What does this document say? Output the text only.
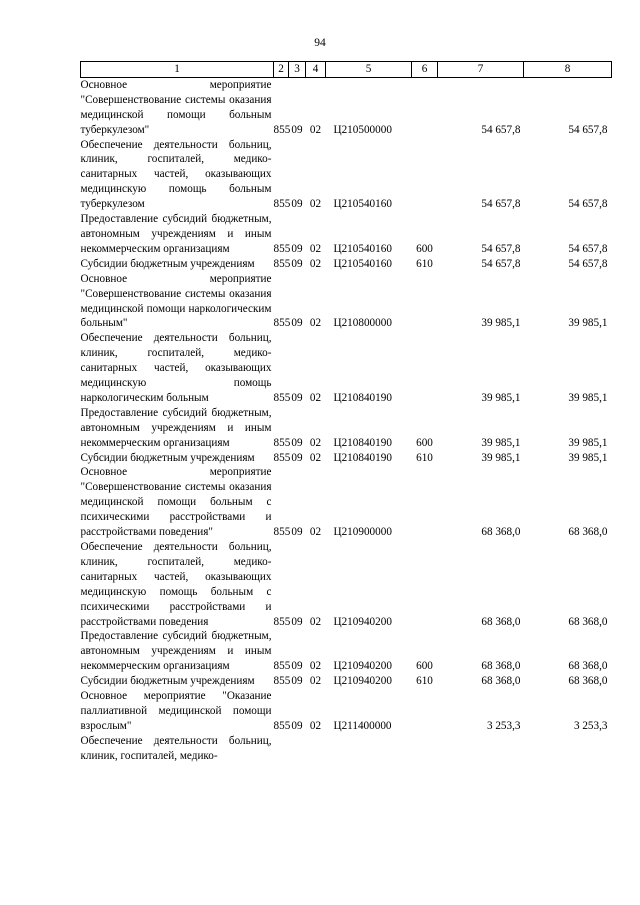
94
1	2	3	4	5	6	7	8
Основное мероприятие "Совершенствование системы оказания медицинской помощи больным туберкулезом"	855	09	02	Ц210500000		54 657,8	54 657,8
Обеспечение деятельности больниц, клиник, госпиталей, медико-санитарных частей, оказывающих медицинскую помощь больным туберкулезом	855	09	02	Ц210540160		54 657,8	54 657,8
Предоставление субсидий бюджетным, автономным учреждениям и иным некоммерческим организациям	855	09	02	Ц210540160	600	54 657,8	54 657,8
Субсидии бюджетным учреждениям	855	09	02	Ц210540160	610	54 657,8	54 657,8
Основное мероприятие "Совершенствование системы оказания медицинской помощи наркологическим больным"	855	09	02	Ц210800000		39 985,1	39 985,1
Обеспечение деятельности больниц, клиник, госпиталей, медико-санитарных частей, оказывающих медицинскую помощь наркологическим больным	855	09	02	Ц210840190		39 985,1	39 985,1
Предоставление субсидий бюджетным, автономным учреждениям и иным некоммерческим организациям	855	09	02	Ц210840190	600	39 985,1	39 985,1
Субсидии бюджетным учреждениям	855	09	02	Ц210840190	610	39 985,1	39 985,1
Основное мероприятие "Совершенствование системы оказания медицинской помощи больным с психическими расстройствами и расстройствами поведения"	855	09	02	Ц210900000		68 368,0	68 368,0
Обеспечение деятельности больниц, клиник, госпиталей, медико-санитарных частей, оказывающих медицинскую помощь больным с психическими расстройствами и расстройствами поведения	855	09	02	Ц210940200		68 368,0	68 368,0
Предоставление субсидий бюджетным, автономным учреждениям и иным некоммерческим организациям	855	09	02	Ц210940200	600	68 368,0	68 368,0
Субсидии бюджетным учреждениям	855	09	02	Ц210940200	610	68 368,0	68 368,0
Основное мероприятие "Оказание паллиативной медицинской помощи взрослым"	855	09	02	Ц211400000		3 253,3	3 253,3
Обеспечение деятельности больниц, клиник, госпиталей, медико-							
